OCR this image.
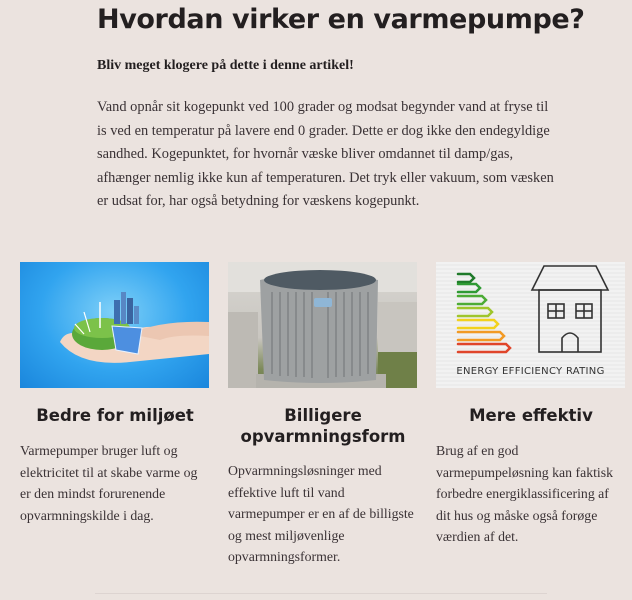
Hvordan virker en varmepumpe?

Bliv meget klogere på dette i denne artikel!

Vand opnår sit kogepunkt ved 100 grader og modsat begynder vand at fryse til is ved en temperatur på lavere end 0 grader. Dette er dog ikke den endegyldige sandhed. Kogepunktet, for hvornår væske bliver omdannet til damp/gas, afhænger nemlig ikke kun af temperaturen. Det tryk eller vakuum, som væsken er udsat for, har også betydning for væskens kogepunkt.

Bedre for miljøet

Varmepumper bruger luft og elektricitet til at skabe varme og er den mindst forurenende opvarmningskilde i dag.

Billigere opvarmningsform

Opvarmningsløsninger med effektive luft til vand varmepumper er en af de billigste og mest miljøvenlige opvarmningsformer.

ENERGY EFFICIENCY RATING
Mere effektiv

Brug af en god varmepumpeløsning kan faktisk forbedre energiklassificering af dit hus og måske også forøge værdien af det.
